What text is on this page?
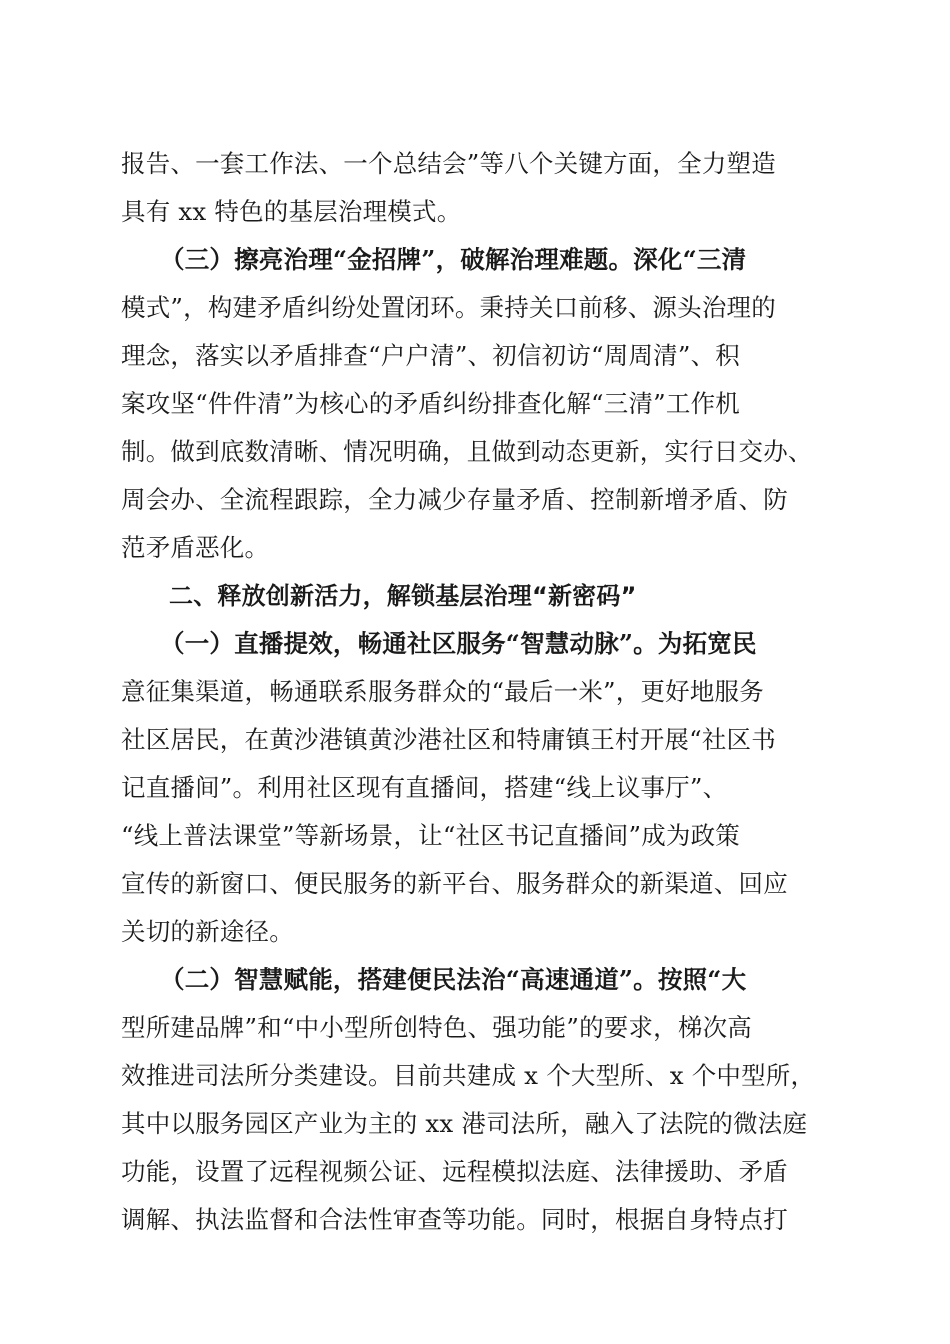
报告、一套工作法、一个总结会”等八个关键方面，全力塑造
具有 xx 特色的基层治理模式。
（三）擦亮治理“金招牌”，破解治理难题。深化“三清
模式”，构建矛盾纠纷处置闭环。秉持关口前移、源头治理的
理念，落实以矛盾排查“户户清”、初信初访“周周清”、积
案攻坚“件件清”为核心的矛盾纠纷排查化解“三清”工作机
制。做到底数清晰、情况明确，且做到动态更新，实行日交办、
周会办、全流程跟踪，全力减少存量矛盾、控制新增矛盾、防
范矛盾恶化。
二、释放创新活力，解锁基层治理“新密码”
（一）直播提效，畅通社区服务“智慧动脉”。为拓宽民
意征集渠道，畅通联系服务群众的“最后一米”，更好地服务
社区居民，在黄沙港镇黄沙港社区和特庸镇王村开展“社区书
记直播间”。利用社区现有直播间，搭建“线上议事厅”、
“线上普法课堂”等新场景，让“社区书记直播间”成为政策
宣传的新窗口、便民服务的新平台、服务群众的新渠道、回应
关切的新途径。
（二）智慧赋能，搭建便民法治“高速通道”。按照“大
型所建品牌”和“中小型所创特色、强功能”的要求，梯次高
效推进司法所分类建设。目前共建成 x 个大型所、x 个中型所，
其中以服务园区产业为主的 xx 港司法所，融入了法院的微法庭
功能，设置了远程视频公证、远程模拟法庭、法律援助、矛盾
调解、执法监督和合法性审查等功能。同时，根据自身特点打
